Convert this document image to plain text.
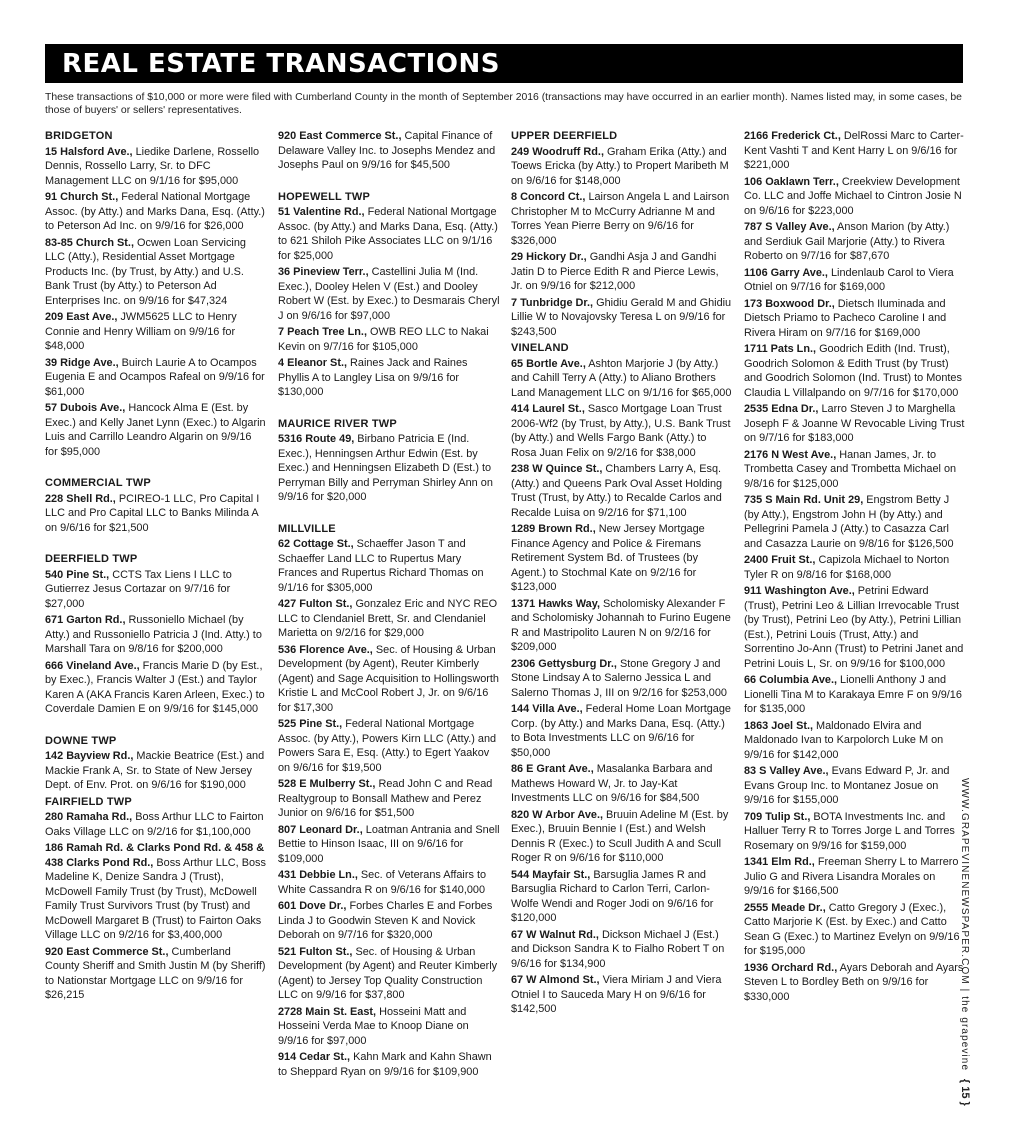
REAL ESTATE TRANSACTIONS

These transactions of $10,000 or more were filed with Cumberland County in the month of September 2016 (transactions may have occurred in an earlier month). Names listed may, in some cases, be those of buyers' or sellers' representatives.

BRIDGETON
15 Halsford Ave., Liedike Darlene, Rossello Dennis, Rossello Larry, Sr. to DFC Management LLC on 9/1/16 for $95,000
91 Church St., Federal National Mortgage Assoc. (by Atty.) and Marks Dana, Esq. (Atty.) to Peterson Ad Inc. on 9/9/16 for $26,000
83-85 Church St., Ocwen Loan Servicing LLC (Atty.), Residential Asset Mortgage Products Inc. (by Trust, by Atty.) and U.S. Bank Trust (by Atty.) to Peterson Ad Enterprises Inc. on 9/9/16 for $47,324
209 East Ave., JWM5625 LLC to Henry Connie and Henry William on 9/9/16 for $48,000
39 Ridge Ave., Buirch Laurie A to Ocampos Eugenia E and Ocampos Rafeal on 9/9/16 for $61,000
57 Dubois Ave., Hancock Alma E (Est. by Exec.) and Kelly Janet Lynn (Exec.) to Algarin Luis and Carrillo Leandro Algarin on 9/9/16 for $95,000
COMMERCIAL TWP
228 Shell Rd., PCIREO-1 LLC, Pro Capital I LLC and Pro Capital LLC to Banks Milinda A on 9/6/16 for $21,500
DEERFIELD TWP
540 Pine St., CCTS Tax Liens I LLC to Gutierrez Jesus Cortazar on 9/7/16 for $27,000
671 Garton Rd., Russoniello Michael (by Atty.) and Russoniello Patricia J (Ind. Atty.) to Marshall Tara on 9/8/16 for $200,000
666 Vineland Ave., Francis Marie D (by Est., by Exec.), Francis Walter J (Est.) and Taylor Karen A (AKA Francis Karen Arleen, Exec.) to Coverdale Damien E on 9/9/16 for $145,000
DOWNE TWP
142 Bayview Rd., Mackie Beatrice (Est.) and Mackie Frank A, Sr. to State of New Jersey Dept. of Env. Prot. on 9/6/16 for $190,000
FAIRFIELD TWP
280 Ramaha Rd., Boss Arthur LLC to Fairton Oaks Village LLC on 9/2/16 for $1,100,000
186 Ramah Rd. & Clarks Pond Rd. & 458 & 438 Clarks Pond Rd., Boss Arthur LLC, Boss Madeline K, Denize Sandra J (Trust), McDowell Family Trust (by Trust), McDowell Family Trust Survivors Trust (by Trust) and McDowell Margaret B (Trust) to Fairton Oaks Village LLC on 9/2/16 for $3,400,000
920 East Commerce St., Cumberland County Sheriff and Smith Justin M (by Sheriff) to Nationstar Mortgage LLC on 9/9/16 for $26,215
920 East Commerce St., Capital Finance of Delaware Valley Inc. to Josephs Mendez and Josephs Paul on 9/9/16 for $45,500
HOPEWELL TWP
51 Valentine Rd., Federal National Mortgage Assoc. (by Atty.) and Marks Dana, Esq. (Atty.) to 621 Shiloh Pike Associates LLC on 9/1/16 for $25,000
36 Pineview Terr., Castellini Julia M (Ind. Exec.), Dooley Helen V (Est.) and Dooley Robert W (Est. by Exec.) to Desmarais Cheryl J on 9/6/16 for $97,000
7 Peach Tree Ln., OWB REO LLC to Nakai Kevin on 9/7/16 for $105,000
4 Eleanor St., Raines Jack and Raines Phyllis A to Langley Lisa on 9/9/16 for $130,000
MAURICE RIVER TWP
5316 Route 49, Birbano Patricia E (Ind. Exec.), Henningsen Arthur Edwin (Est. by Exec.) and Henningsen Elizabeth D (Est.) to Perryman Billy and Perryman Shirley Ann on 9/9/16 for $20,000
MILLVILLE
62 Cottage St., Schaeffer Jason T and Schaeffer Land LLC to Rupertus Mary Frances and Rupertus Richard Thomas on 9/1/16 for $305,000
427 Fulton St., Gonzalez Eric and NYC REO LLC to Clendaniel Brett, Sr. and Clendaniel Marietta on 9/2/16 for $29,000
536 Florence Ave., Sec. of Housing & Urban Development (by Agent), Reuter Kimberly (Agent) and Sage Acquisition to Hollingsworth Kristie L and McCool Robert J, Jr. on 9/6/16 for $17,300
525 Pine St., Federal National Mortgage Assoc. (by Atty.), Powers Kirn LLC (Atty.) and Powers Sara E, Esq. (Atty.) to Egert Yaakov on 9/6/16 for $19,500
528 E Mulberry St., Read John C and Read Realtygroup to Bonsall Mathew and Perez Junior on 9/6/16 for $51,500
807 Leonard Dr., Loatman Antrania and Snell Bettie to Hinson Isaac, III on 9/6/16 for $109,000
431 Debbie Ln., Sec. of Veterans Affairs to White Cassandra R on 9/6/16 for $140,000
601 Dove Dr., Forbes Charles E and Forbes Linda J to Goodwin Steven K and Novick Deborah on 9/7/16 for $320,000
521 Fulton St., Sec. of Housing & Urban Development (by Agent) and Reuter Kimberly (Agent) to Jersey Top Quality Construction LLC on 9/9/16 for $37,800
2728 Main St. East, Hosseini Matt and Hosseini Verda Mae to Knoop Diane on 9/9/16 for $97,000
914 Cedar St., Kahn Mark and Kahn Shawn to Sheppard Ryan on 9/9/16 for $109,900
UPPER DEERFIELD
249 Woodruff Rd., Graham Erika (Atty.) and Toews Ericka (by Atty.) to Propert Maribeth M on 9/6/16 for $148,000
8 Concord Ct., Lairson Angela L and Lairson Christopher M to McCurry Adrianne M and Torres Yean Pierre Berry on 9/6/16 for $326,000
29 Hickory Dr., Gandhi Asja J and Gandhi Jatin D to Pierce Edith R and Pierce Lewis, Jr. on 9/9/16 for $212,000
7 Tunbridge Dr., Ghidiu Gerald M and Ghidiu Lillie W to Novajovsky Teresa L on 9/9/16 for $243,500
VINELAND
65 Bortle Ave., Ashton Marjorie J (by Atty.) and Cahill Terry A (Atty.) to Aliano Brothers Land Management LLC on 9/1/16 for $65,000
414 Laurel St., Sasco Mortgage Loan Trust 2006-Wf2 (by Trust, by Atty.), U.S. Bank Trust (by Atty.) and Wells Fargo Bank (Atty.) to Rosa Juan Felix on 9/2/16 for $38,000
238 W Quince St., Chambers Larry A, Esq. (Atty.) and Queens Park Oval Asset Holding Trust (Trust, by Atty.) to Recalde Carlos and Recalde Luisa on 9/2/16 for $71,100
1289 Brown Rd., New Jersey Mortgage Finance Agency and Police & Firemans Retirement System Bd. of Trustees (by Agent.) to Stochmal Kate on 9/2/16 for $123,000
1371 Hawks Way, Scholomisky Alexander F and Scholomisky Johannah to Furino Eugene R and Mastripolito Lauren N on 9/2/16 for $209,000
2306 Gettysburg Dr., Stone Gregory J and Stone Lindsay A to Salerno Jessica L and Salerno Thomas J, III on 9/2/16 for $253,000
144 Villa Ave., Federal Home Loan Mortgage Corp. (by Atty.) and Marks Dana, Esq. (Atty.) to Bota Investments LLC on 9/6/16 for $50,000
86 E Grant Ave., Masalanka Barbara and Mathews Howard W, Jr. to Jay-Kat Investments LLC on 9/6/16 for $84,500
820 W Arbor Ave., Bruuin Adeline M (Est. by Exec.), Bruuin Bennie I (Est.) and Welsh Dennis R (Exec.) to Scull Judith A and Scull Roger R on 9/6/16 for $110,000
544 Mayfair St., Barsuglia James R and Barsuglia Richard to Carlon Terri, Carlon-Wolfe Wendi and Roger Jodi on 9/6/16 for $120,000
67 W Walnut Rd., Dickson Michael J (Est.) and Dickson Sandra K to Fialho Robert T on 9/6/16 for $134,900
67 W Almond St., Viera Miriam J and Viera Otniel I to Sauceda Mary H on 9/6/16 for $142,500
2166 Frederick Ct., DelRossi Marc to Carter-Kent Vashti T and Kent Harry L on 9/6/16 for $221,000
106 Oaklawn Terr., Creekview Development Co. LLC and Joffe Michael to Cintron Josie N on 9/6/16 for $223,000
787 S Valley Ave., Anson Marion (by Atty.) and Serdiuk Gail Marjorie (Atty.) to Rivera Roberto on 9/7/16 for $87,670
1106 Garry Ave., Lindenlaub Carol to Viera Otniel on 9/7/16 for $169,000
173 Boxwood Dr., Dietsch Iluminada and Dietsch Priamo to Pacheco Caroline I and Rivera Hiram on 9/7/16 for $169,000
1711 Pats Ln., Goodrich Edith (Ind. Trust), Goodrich Solomon & Edith Trust (by Trust) and Goodrich Solomon (Ind. Trust) to Montes Claudia L Villalpando on 9/7/16 for $170,000
2535 Edna Dr., Larro Steven J to Marghella Joseph F & Joanne W Revocable Living Trust on 9/7/16 for $183,000
2176 N West Ave., Hanan James, Jr. to Trombetta Casey and Trombetta Michael on 9/8/16 for $125,000
735 S Main Rd. Unit 29, Engstrom Betty J (by Atty.), Engstrom John H (by Atty.) and Pellegrini Pamela J (Atty.) to Casazza Carl and Casazza Laurie on 9/8/16 for $126,500
2400 Fruit St., Capizola Michael to Norton Tyler R on 9/8/16 for $168,000
911 Washington Ave., Petrini Edward (Trust), Petrini Leo & Lillian Irrevocable Trust (by Trust), Petrini Leo (by Atty.), Petrini Lillian (Est.), Petrini Louis (Trust, Atty.) and Sorrentino Jo-Ann (Trust) to Petrini Janet and Petrini Louis L, Sr. on 9/9/16 for $100,000
66 Columbia Ave., Lionelli Anthony J and Lionelli Tina M to Karakaya Emre F on 9/9/16 for $135,000
1863 Joel St., Maldonado Elvira and Maldonado Ivan to Karpolorch Luke M on 9/9/16 for $142,000
83 S Valley Ave., Evans Edward P, Jr. and Evans Group Inc. to Montanez Josue on 9/9/16 for $155,000
709 Tulip St., BOTA Investments Inc. and Halluer Terry R to Torres Jorge L and Torres Rosemary on 9/9/16 for $159,000
1341 Elm Rd., Freeman Sherry L to Marrero Julio G and Rivera Lisandra Morales on 9/9/16 for $166,500
2555 Meade Dr., Catto Gregory J (Exec.), Catto Marjorie K (Est. by Exec.) and Catto Sean G (Exec.) to Martinez Evelyn on 9/9/16 for $195,000
1936 Orchard Rd., Ayars Deborah and Ayars Steven L to Bordley Beth on 9/9/16 for $330,000
WWW.GRAPEVINENEWSPAPER.COM | the grapevine  { 15 }
